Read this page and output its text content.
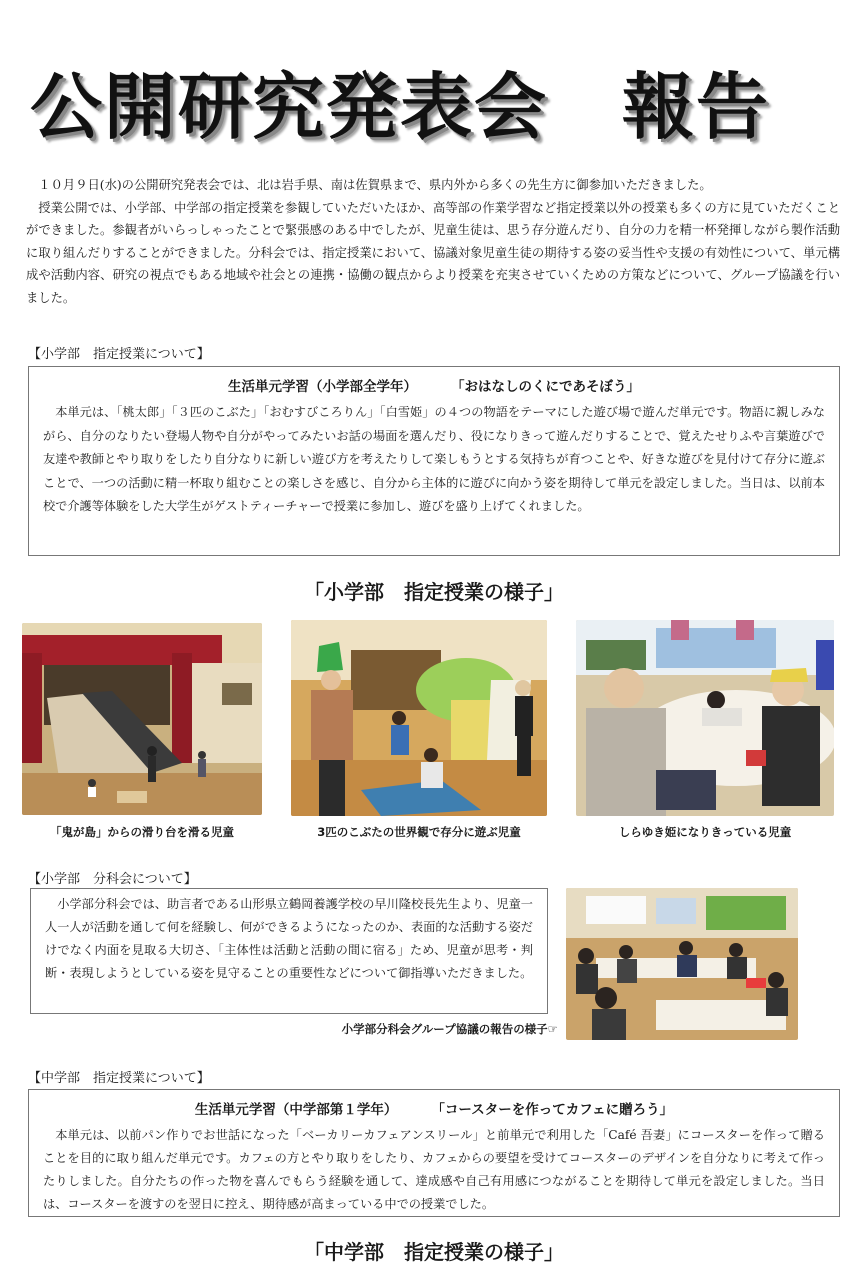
公開研究発表会　報告

１０月９日(水)の公開研究発表会では、北は岩手県、南は佐賀県まで、県内外から多くの先生方に御参加いただきました。

授業公開では、小学部、中学部の指定授業を参観していただいたほか、高等部の作業学習など指定授業以外の授業も多くの方に見ていただくことができました。参観者がいらっしゃったことで緊張感のある中でしたが、児童生徒は、思う存分遊んだり、自分の力を精一杯発揮しながら製作活動に取り組んだりすることができました。分科会では、指定授業において、協議対象児童生徒の期待する姿の妥当性や支援の有効性について、単元構成や活動内容、研究の視点でもある地域や社会との連携・協働の観点からより授業を充実させていくための方策などについて、グループ協議を行いました。

【小学部　指定授業について】
生活単元学習（小学部全学年）	「おはなしのくにであそぼう」
本単元は、「桃太郎」「３匹のこぶた」「おむすびころりん」「白雪姫」の４つの物語をテーマにした遊び場で遊んだ単元です。物語に親しみながら、自分のなりたい登場人物や自分がやってみたいお話の場面を選んだり、役になりきって遊んだりすることで、覚えたせりふや言葉遊びで友達や教師とやり取りをしたり自分なりに新しい遊び方を考えたりして楽しもうとする気持ちが育つことや、好きな遊びを見付けて存分に遊ぶことで、一つの活動に精一杯取り組むことの楽しさを感じ、自分から主体的に遊びに向かう姿を期待して単元を設定しました。当日は、以前本校で介護等体験をした大学生がゲストティーチャーで授業に参加し、遊びを盛り上げてくれました。
「小学部　指定授業の様子」
「鬼が島」からの滑り台を滑る児童	3匹のこぶたの世界観で存分に遊ぶ児童	しらゆき姫になりきっている児童
【小学部　分科会について】
小学部分科会では、助言者である山形県立鶴岡養護学校の早川隆校長先生より、児童一人一人が活動を通して何を経験し、何ができるようになったのか、表面的な活動する姿だけでなく内面を見取る大切さ、「主体性は活動と活動の間に宿る」ため、児童が思考・判断・表現しようとしている姿を見守ることの重要性などについて御指導いただきました。
小学部分科会グループ協議の報告の様子☞
【中学部　指定授業について】
生活単元学習（中学部第１学年）	「コースターを作ってカフェに贈ろう」
本単元は、以前パン作りでお世話になった「ベーカリーカフェアンスリール」と前単元で利用した「Café 吾妻」にコースターを作って贈ることを目的に取り組んだ単元です。カフェの方とやり取りをしたり、カフェからの要望を受けてコースターのデザインを自分なりに考えて作ったりしました。自分たちの作った物を喜んでもらう経験を通して、達成感や自己有用感につながることを期待して単元を設定しました。当日は、コースターを渡すのを翌日に控え、期待感が高まっている中での授業でした。
「中学部　指定授業の様子」
